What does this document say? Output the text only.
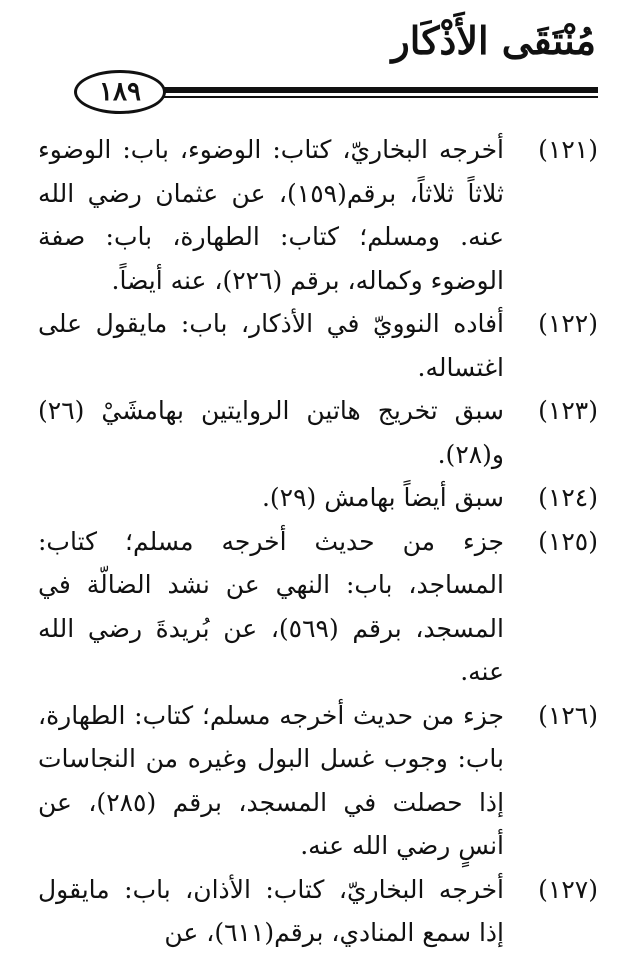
مُنْتَقَى الأَذْكَار
١٨٩
(١٢١)
أخرجه البخاريّ، كتاب: الوضوء، باب: الوضوء ثلاثاً ثلاثاً، برقم(١٥٩)، عن عثمان رضي الله عنه. ومسلم؛ كتاب: الطهارة، باب: صفة الوضوء وكماله، برقم (٢٢٦)، عنه أيضاً.
(١٢٢)
أفاده النوويّ في الأذكار، باب: مايقول على اغتساله.
(١٢٣)
سبق تخريج هاتين الروايتين بهامشَيْ (٢٦) و(٢٨).
(١٢٤)
سبق أيضاً بهامش (٢٩).
(١٢٥)
جزء من حديث أخرجه مسلم؛ كتاب: المساجد، باب: النهي عن نشد الضالّة في المسجد، برقم (٥٦٩)، عن بُريدةَ رضي الله عنه.
(١٢٦)
جزء من حديث أخرجه مسلم؛ كتاب: الطهارة، باب: وجوب غسل البول وغيره من النجاسات إذا حصلت في المسجد، برقم (٢٨٥)، عن أنسٍ رضي الله عنه.
(١٢٧)
أخرجه البخاريّ، كتاب: الأذان، باب: مايقول إذا سمع المنادي، برقم(٦١١)، عن
